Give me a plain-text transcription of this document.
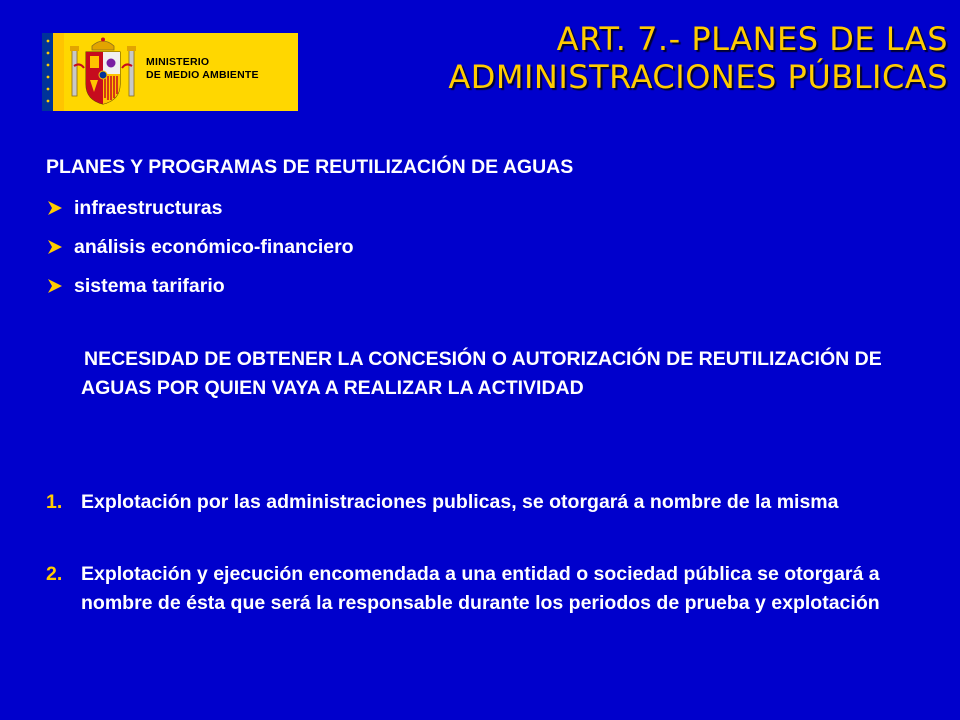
MINISTERIO
DE MEDIO AMBIENTE
ART. 7.- PLANES DE LAS
ADMINISTRACIONES PÚBLICAS
PLANES Y PROGRAMAS DE REUTILIZACIÓN DE AGUAS
infraestructuras
análisis económico-financiero
sistema tarifario
NECESIDAD DE OBTENER LA CONCESIÓN O AUTORIZACIÓN DE REUTILIZACIÓN DE AGUAS POR QUIEN VAYA A REALIZAR LA ACTIVIDAD
1. Explotación por las administraciones publicas, se otorgará a nombre de la misma
2. Explotación y ejecución encomendada a una entidad o sociedad pública se otorgará a nombre de ésta que será la responsable durante los periodos de prueba y explotación
